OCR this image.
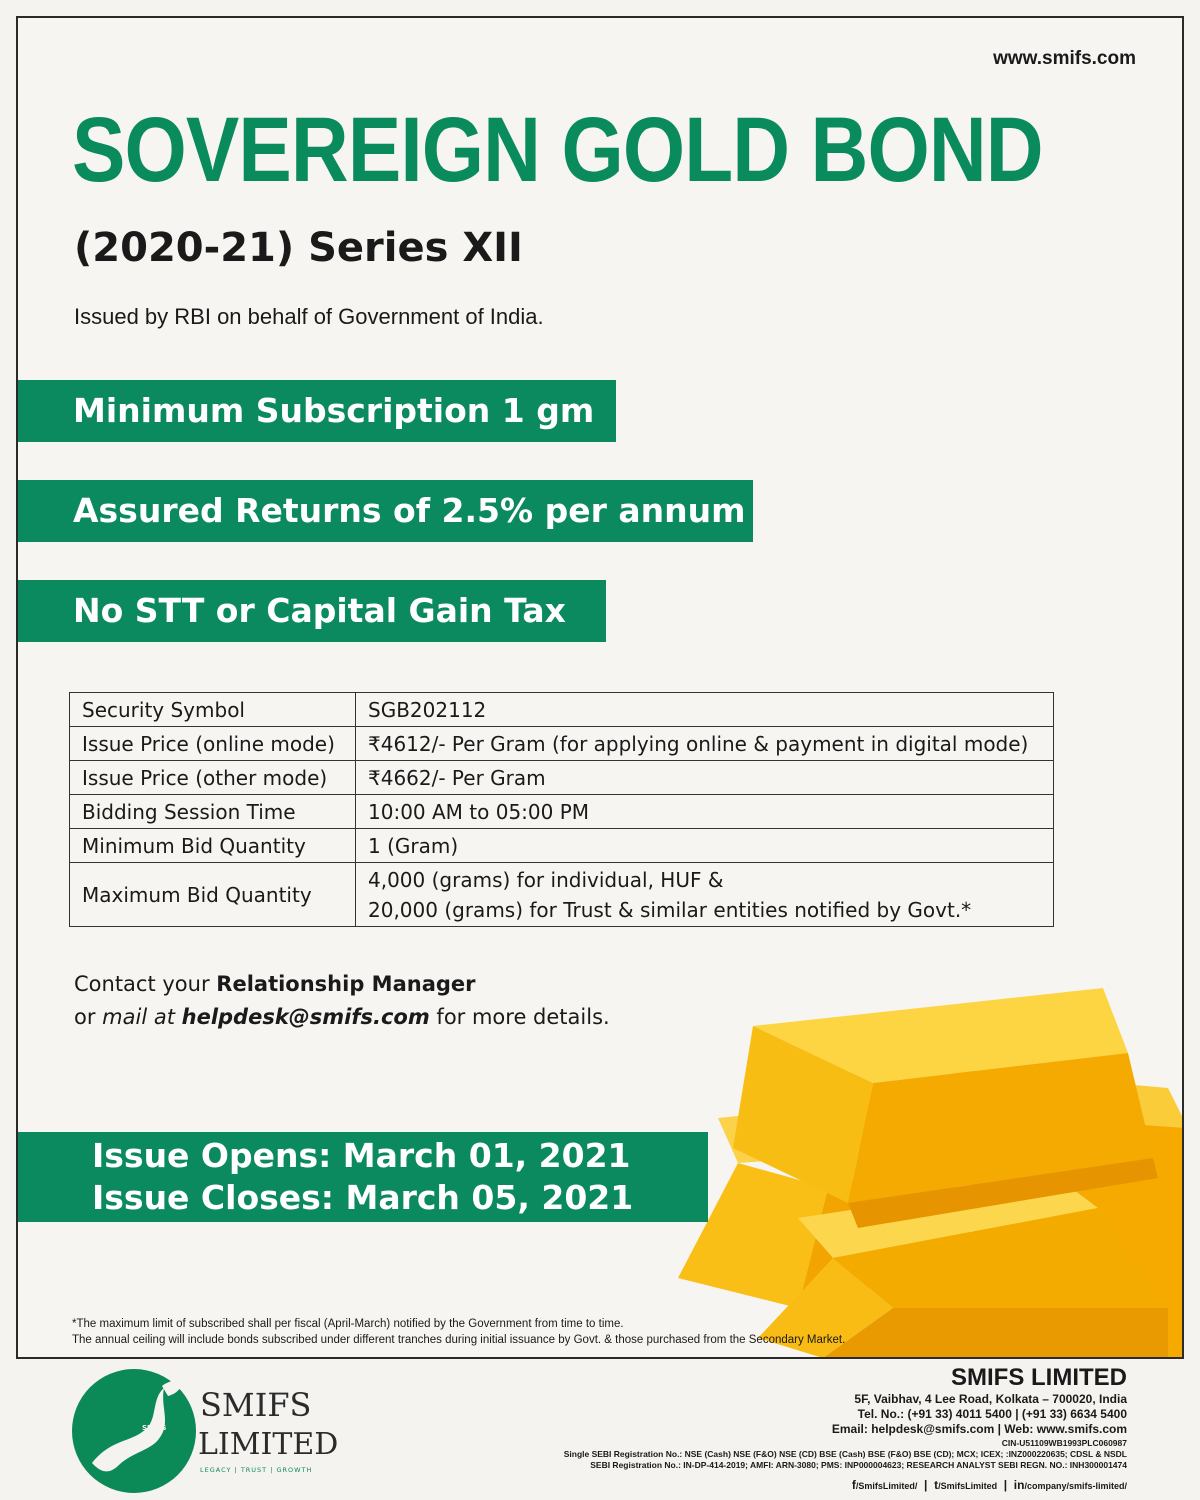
www.smifs.com
SOVEREIGN GOLD BOND
(2020-21) Series XII
Issued by RBI on behalf of Government of India.
Minimum Subscription 1 gm
Assured Returns of 2.5% per annum
No STT or Capital Gain Tax
Security Symbol	SGB202112
Issue Price (online mode)	₹4612/- Per Gram (for applying online & payment in digital mode)
Issue Price (other mode)	₹4662/- Per Gram
Bidding Session Time	10:00 AM to 05:00 PM
Minimum Bid Quantity	1 (Gram)
Maximum Bid Quantity	4,000 (grams) for individual, HUF &
20,000 (grams) for Trust & similar entities notified by Govt.*
Contact your Relationship Manager
or mail at helpdesk@smifs.com for more details.
Issue Opens: March 01, 2021
Issue Closes: March 05, 2021
*The maximum limit of subscribed shall per fiscal (April-March) notified by the Government from time to time.
The annual ceiling will include bonds subscribed under different tranches during initial issuance by Govt. & those purchased from the Secondary Market.
SMIFS
SMIFS
LIMITED
LEGACY | TRUST | GROWTH
SMIFS LIMITED
5F, Vaibhav, 4 Lee Road, Kolkata – 700020, India
Tel. No.: (+91 33) 4011 5400 | (+91 33) 6634 5400
Email: helpdesk@smifs.com | Web: www.smifs.com
CIN-U51109WB1993PLC060987
Single SEBI Registration No.: NSE (Cash) NSE (F&O) NSE (CD) BSE (Cash) BSE (F&O) BSE (CD); MCX; ICEX; :INZ000220635; CDSL & NSDL
SEBI Registration No.: IN-DP-414-2019; AMFI: ARN-3080; PMS: INP000004623; RESEARCH ANALYST SEBI REGN. NO.: INH300001474
f/SmifsLimited/  |  t/SmifsLimited  |  in/company/smifs-limited/
